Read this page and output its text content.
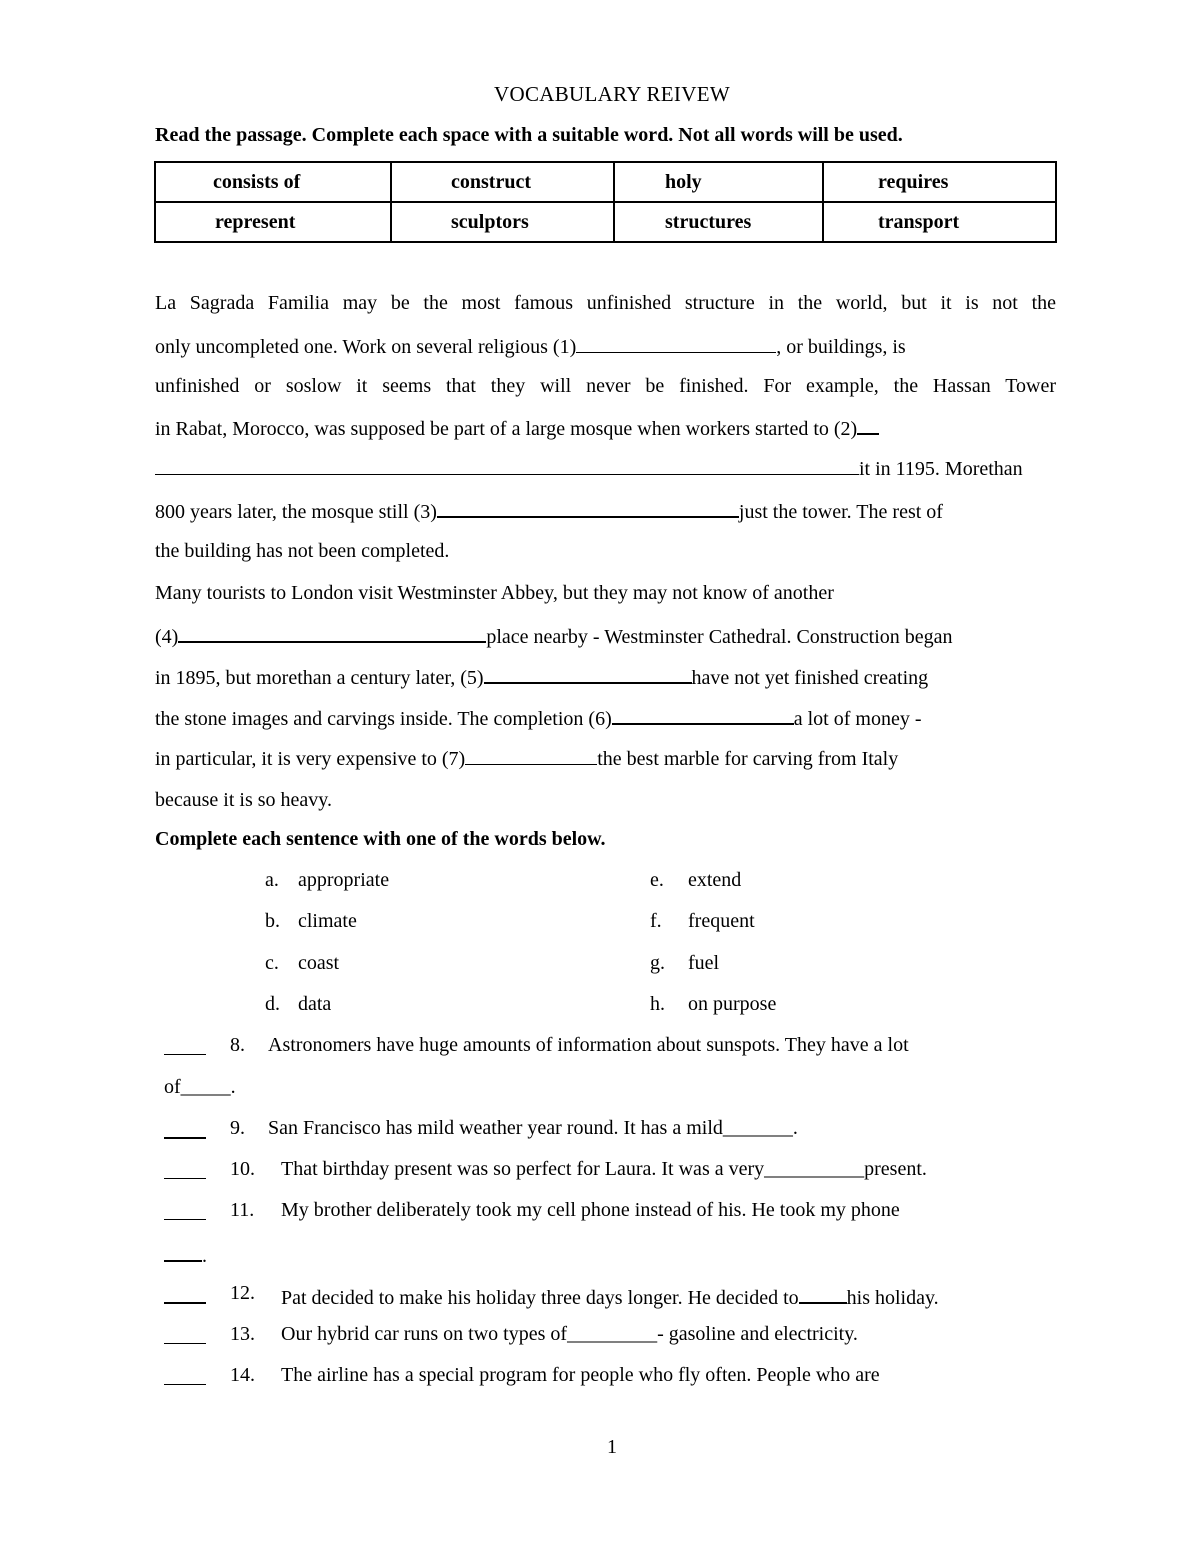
VOCABULARY REIVEW
Read the passage. Complete each space with a suitable word. Not all words will be used.
consists of	construct	holy	requires

represent	sculptors	structures	transport
La Sagrada Familia may be the most famous unfinished structure in the world, but it is not the
only uncompleted one. Work on several religious (1)	, or buildings, is
unfinished or soslow it seems that they will never be finished. For example, the Hassan Tower
in Rabat, Morocco, was supposed be part of a large mosque when workers started to (2)
it in 1195. Morethan
800 years later, the mosque still (3)	just the tower. The rest of
the building has not been completed.
Many tourists to London visit Westminster Abbey, but they may not know of another
(4)	place nearby - Westminster Cathedral. Construction began
in 1895, but morethan a century later, (5)	have not yet finished creating
the stone images and carvings inside. The completion (6)	a lot of money -
in particular, it is very expensive to (7)	the best marble for carving from Italy
because it is so heavy.
Complete each sentence with one of the words below.
a. appropriate
b. climate
c. coast
d. data
e. extend
f. frequent
g. fuel
h. on purpose
8. Astronomers have huge amounts of information about sunspots. They have a lot
of_____.
9. San Francisco has mild weather year round. It has a mild_______.
10. That birthday present was so perfect for Laura. It was a very__________present.
11. My brother deliberately took my cell phone instead of his. He took my phone
.
12. Pat decided to make his holiday three days longer. He decided to his holiday.
13. Our hybrid car runs on two types of_________- gasoline and electricity.
14. The airline has a special program for people who fly often. People who are
1
